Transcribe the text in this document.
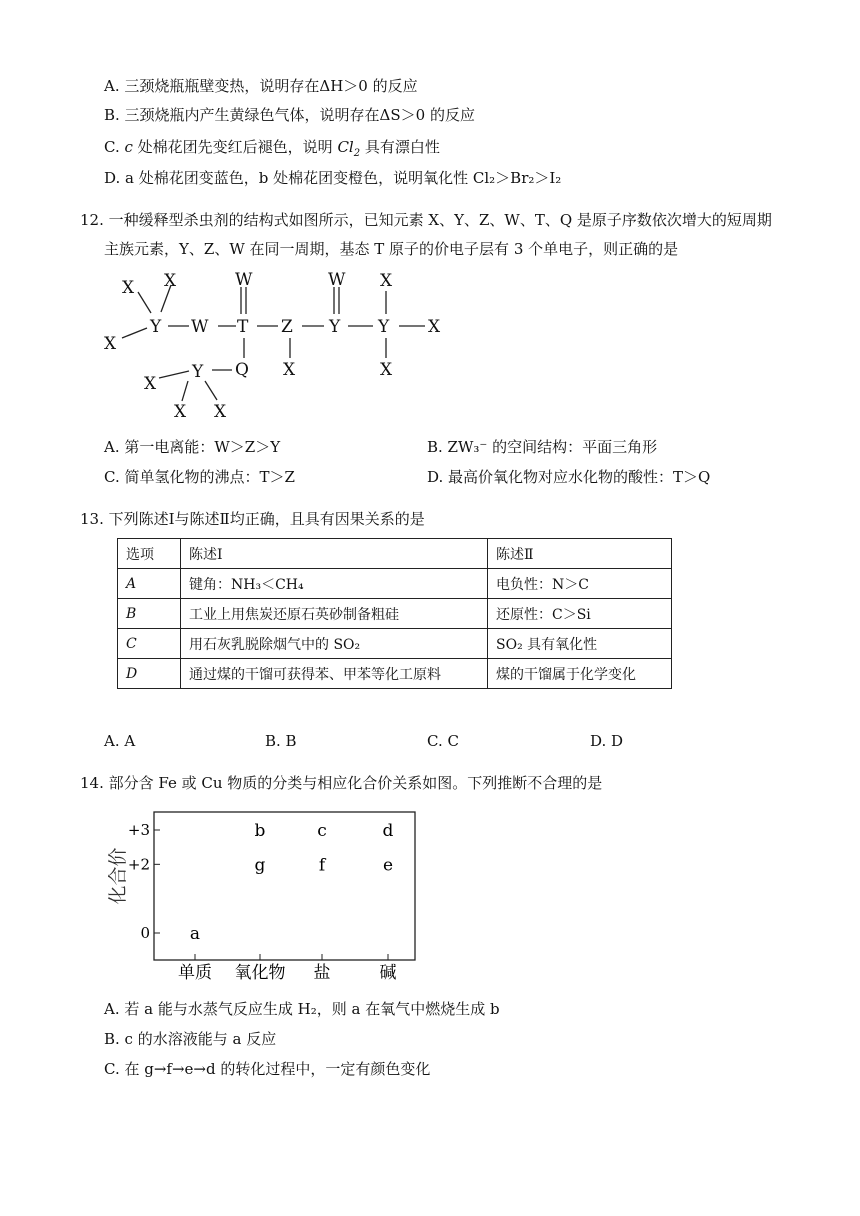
A. 三颈烧瓶瓶壁变热，说明存在ΔH＞0 的反应
B. 三颈烧瓶内产生黄绿色气体，说明存在ΔS＞0 的反应
C. c 处棉花团先变红后褪色，说明 $Cl_2$ 具有漂白性
D. a 处棉花团变蓝色，b 处棉花团变橙色，说明氧化性 Cl₂＞Br₂＞I₂
12. 一种缓释型杀虫剂的结构式如图所示，已知元素 X、Y、Z、W、T、Q 是原子序数依次增大的短周期
主族元素，Y、Z、W 在同一周期，基态 T 原子的价电子层有 3 个单电子，则正确的是
X X
X
Y W T
W
Z
X
Q
Y
W
Y
X
X
X
Y
X
X X
A. 第一电离能：W＞Z＞Y	B. ZW₃⁻ 的空间结构：平面三角形
C. 简单氢化物的沸点：T＞Z	D. 最高价氧化物对应水化物的酸性：T＞Q
13. 下列陈述Ⅰ与陈述Ⅱ均正确，且具有因果关系的是
选项	陈述Ⅰ	陈述Ⅱ
A	键角：NH₃＜CH₄	电负性：N＞C
B	工业上用焦炭还原石英砂制备粗硅	还原性：C＞Si
C	用石灰乳脱除烟气中的 SO₂	SO₂ 具有氧化性
D	通过煤的干馏可获得苯、甲苯等化工原料	煤的干馏属于化学变化
A. A	B. B	C. C	D. D
14. 部分含 Fe 或 Cu 物质的分类与相应化合价关系如图。下列推断不合理的是
化合价
+3
+2
0
单质 氧化物 盐	碱
a
b	c	d
g	f	e
A. 若 a 能与水蒸气反应生成 H₂，则 a 在氧气中燃烧生成 b
B. c 的水溶液能与 a 反应
C. 在 g→f→e→d 的转化过程中，一定有颜色变化
